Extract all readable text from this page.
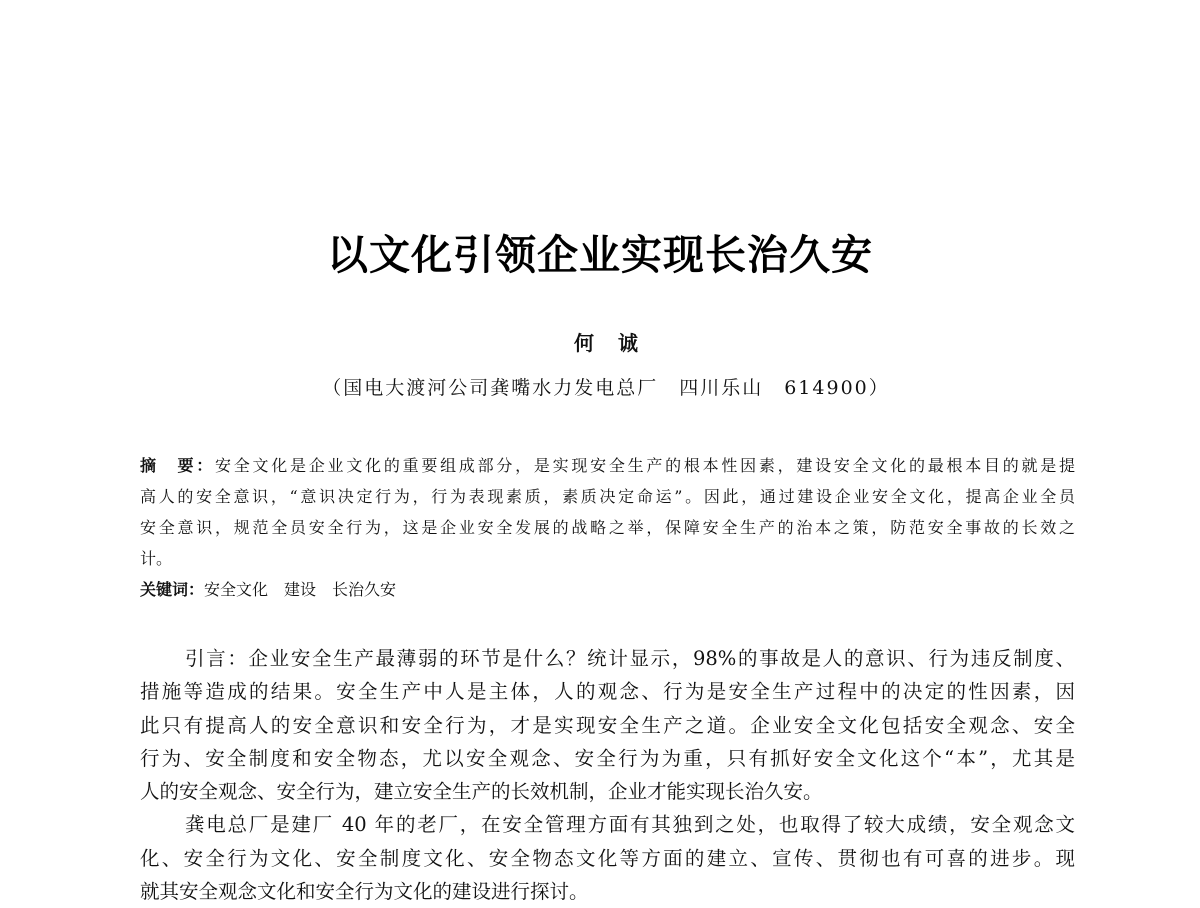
以文化引领企业实现长治久安
何　诚
（国电大渡河公司龚嘴水力发电总厂　四川乐山　614900）
摘　要：安全文化是企业文化的重要组成部分，是实现安全生产的根本性因素，建设安全文化的最根本目的就是提
高人的安全意识，“意识决定行为，行为表现素质，素质决定命运”。因此，通过建设企业安全文化，提高企业全员
安全意识，规范全员安全行为，这是企业安全发展的战略之举，保障安全生产的治本之策，防范安全事故的长效之
计。
关键词：安全文化　建设　长治久安
引言：企业安全生产最薄弱的环节是什么？统计显示，98%的事故是人的意识、行为违反制度、
措施等造成的结果。安全生产中人是主体，人的观念、行为是安全生产过程中的决定的性因素，因
此只有提高人的安全意识和安全行为，才是实现安全生产之道。企业安全文化包括安全观念、安全
行为、安全制度和安全物态，尤以安全观念、安全行为为重，只有抓好安全文化这个“本”，尤其是
人的安全观念、安全行为，建立安全生产的长效机制，企业才能实现长治久安。
龚电总厂是建厂 40 年的老厂，在安全管理方面有其独到之处，也取得了较大成绩，安全观念文
化、安全行为文化、安全制度文化、安全物态文化等方面的建立、宣传、贯彻也有可喜的进步。现
就其安全观念文化和安全行为文化的建设进行探讨。
